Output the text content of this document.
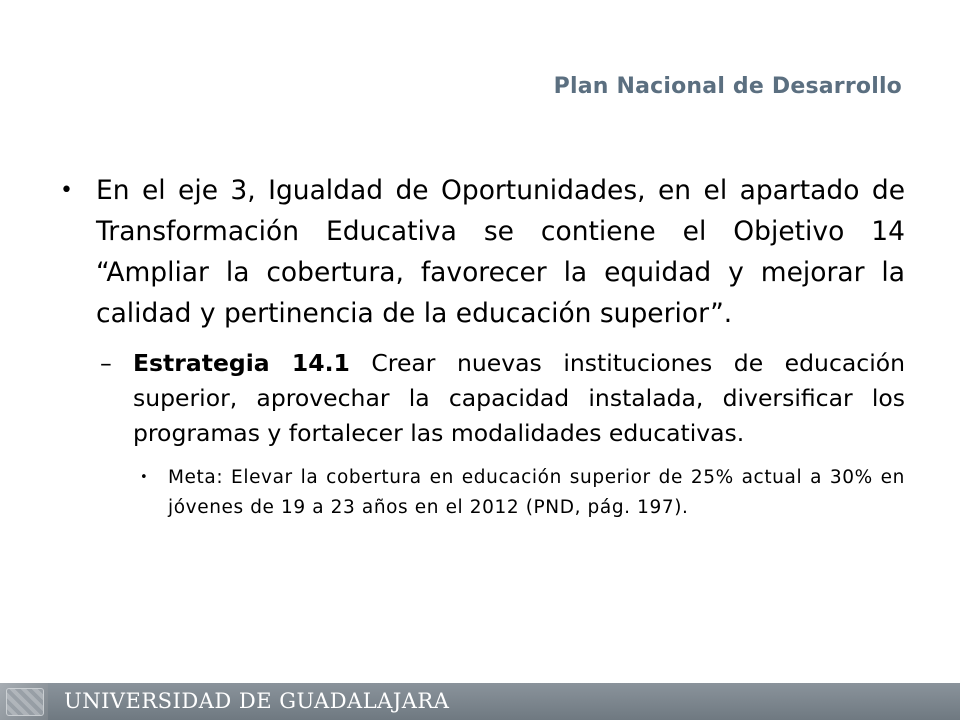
Plan Nacional de Desarrollo
• En el eje 3, Igualdad de Oportunidades, en el apartado de Transformación Educativa se contiene el Objetivo 14 “Ampliar la cobertura, favorecer la equidad y mejorar la calidad y pertinencia de la educación superior”.
– Estrategia 14.1 Crear nuevas instituciones de educación superior, aprovechar la capacidad instalada, diversificar los programas y fortalecer las modalidades educativas.
• Meta: Elevar la cobertura en educación superior de 25% actual a 30% en jóvenes de 19 a 23 años en el 2012 (PND, pág. 197).
UNIVERSIDAD DE GUADALAJARA
